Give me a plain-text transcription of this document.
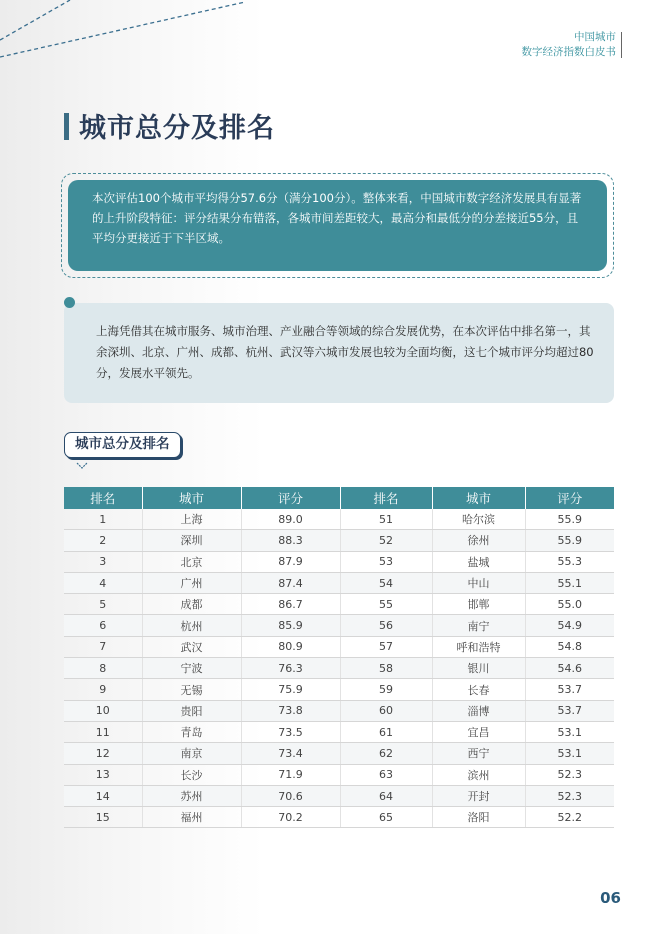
中国城市
数字经济指数白皮书
城市总分及排名
本次评估100个城市平均得分57.6分（满分100分）。整体来看，中国城市数字经济发展具有显著的上升阶段特征：评分结果分布错落，各城市间差距较大，最高分和最低分的分差接近55分，且平均分更接近于下半区域。
上海凭借其在城市服务、城市治理、产业融合等领域的综合发展优势，在本次评估中排名第一，其余深圳、北京、广州、成都、杭州、武汉等六城市发展也较为全面均衡，这七个城市评分均超过80分，发展水平领先。
城市总分及排名
排名	城市	评分	排名	城市	评分
1	上海	89.0	51	哈尔滨	55.9
2	深圳	88.3	52	徐州	55.9
3	北京	87.9	53	盐城	55.3
4	广州	87.4	54	中山	55.1
5	成都	86.7	55	邯郸	55.0
6	杭州	85.9	56	南宁	54.9
7	武汉	80.9	57	呼和浩特	54.8
8	宁波	76.3	58	银川	54.6
9	无锡	75.9	59	长春	53.7
10	贵阳	73.8	60	淄博	53.7
11	青岛	73.5	61	宜昌	53.1
12	南京	73.4	62	西宁	53.1
13	长沙	71.9	63	滨州	52.3
14	苏州	70.6	64	开封	52.3
15	福州	70.2	65	洛阳	52.2
06
